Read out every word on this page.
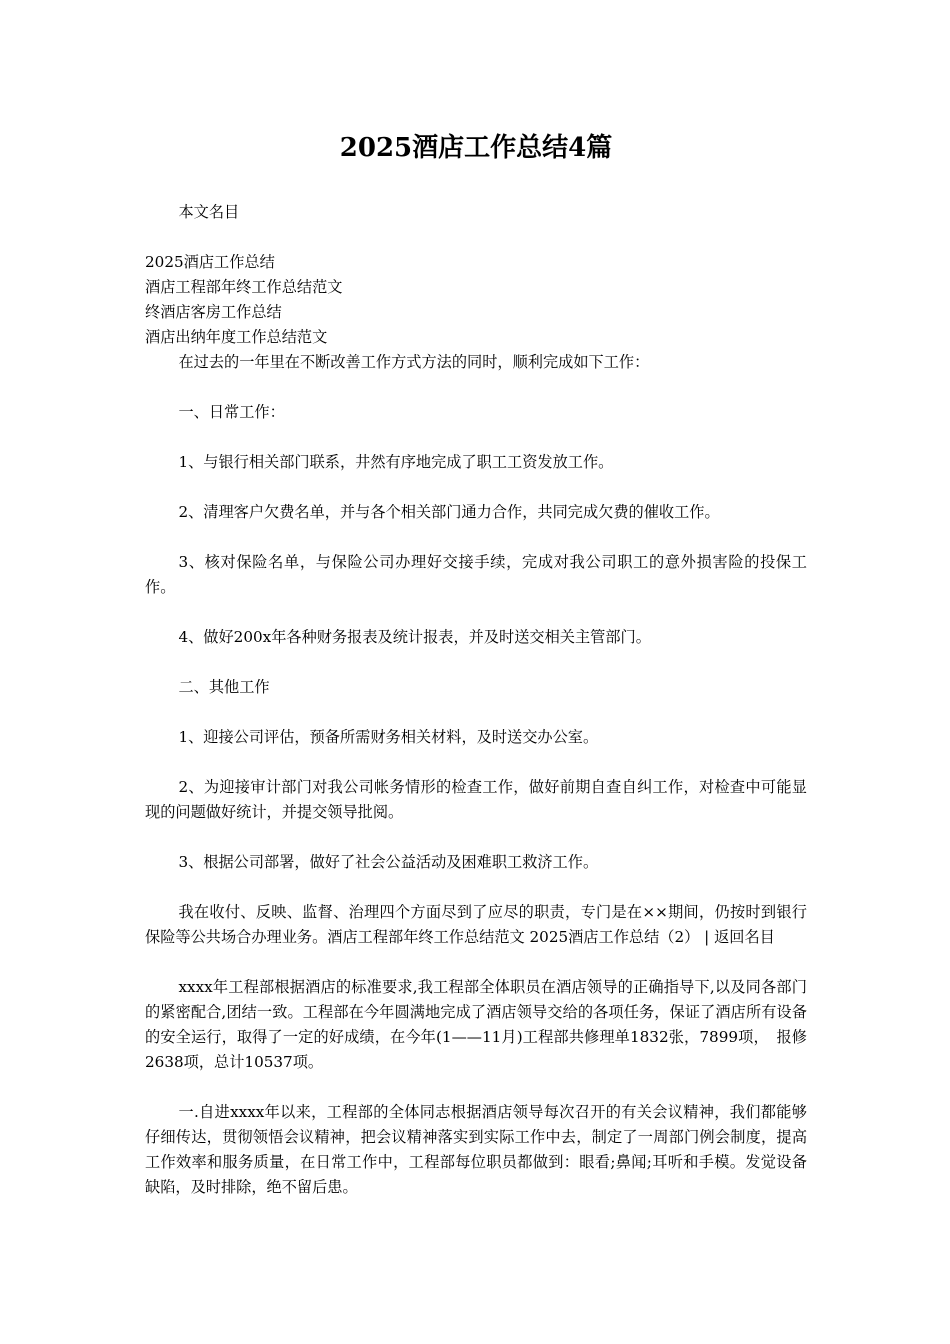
2025酒店工作总结4篇

本文名目

2025酒店工作总结

酒店工程部年终工作总结范文

终酒店客房工作总结

酒店出纳年度工作总结范文

在过去的一年里在不断改善工作方式方法的同时，顺利完成如下工作：

一、日常工作：

1、与银行相关部门联系，井然有序地完成了职工工资发放工作。

2、清理客户欠费名单，并与各个相关部门通力合作，共同完成欠费的催收工作。

3、核对保险名单，与保险公司办理好交接手续，完成对我公司职工的意外损害险的投保工作。

4、做好200x年各种财务报表及统计报表，并及时送交相关主管部门。

二、其他工作

1、迎接公司评估，预备所需财务相关材料，及时送交办公室。

2、为迎接审计部门对我公司帐务情形的检查工作，做好前期自查自纠工作，对检查中可能显现的问题做好统计，并提交领导批阅。

3、根据公司部署，做好了社会公益活动及困难职工救济工作。

我在收付、反映、监督、治理四个方面尽到了应尽的职责，专门是在××期间，仍按时到银行保险等公共场合办理业务。酒店工程部年终工作总结范文 2025酒店工作总结（2） | 返回名目

xxxx年工程部根据酒店的标准要求,我工程部全体职员在酒店领导的正确指导下,以及同各部门的紧密配合,团结一致。工程部在今年圆满地完成了酒店领导交给的各项任务，保证了酒店所有设备的安全运行，取得了一定的好成绩，在今年(1——11月)工程部共修理单1832张，7899项，　报修2638项，总计10537项。

一.自进xxxx年以来，工程部的全体同志根据酒店领导每次召开的有关会议精神，我们都能够仔细传达，贯彻领悟会议精神，把会议精神落实到实际工作中去，制定了一周部门例会制度，提高工作效率和服务质量，在日常工作中，工程部每位职员都做到：眼看;鼻闻;耳听和手模。发觉设备缺陷，及时排除，绝不留后患。
